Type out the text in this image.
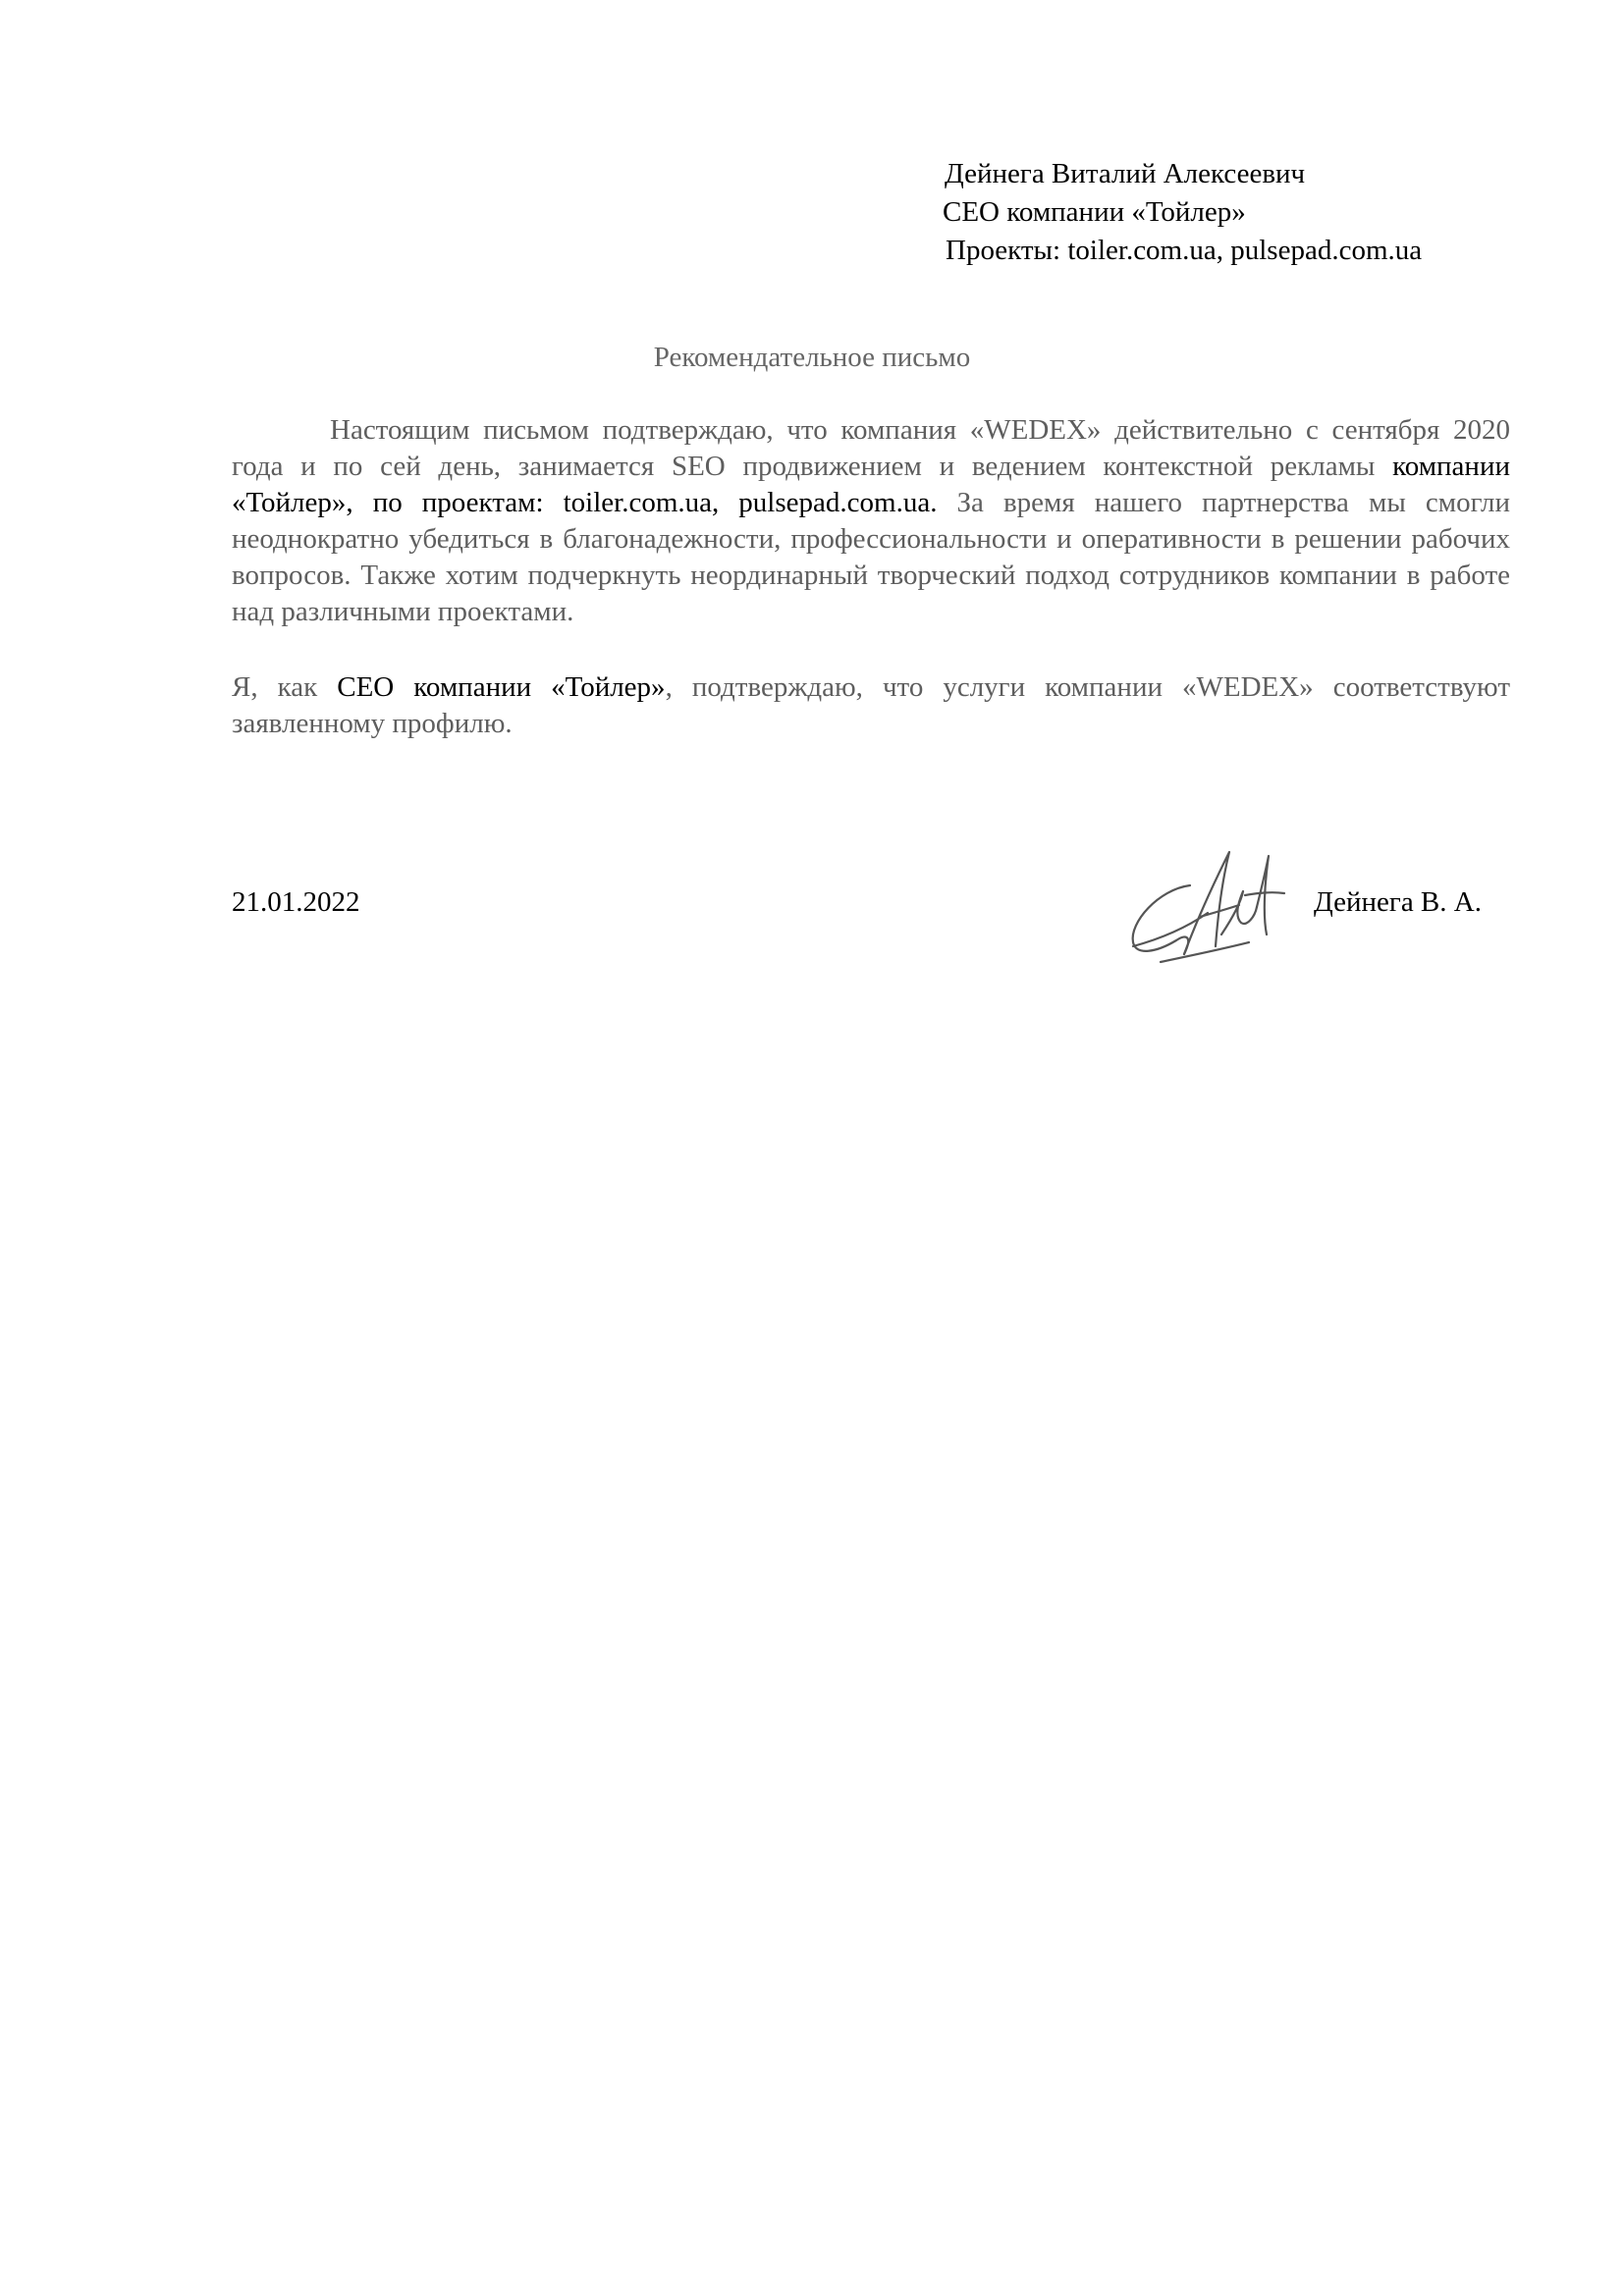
Дейнега Виталий Алексеевич
CEO компании «Тойлер»
Проекты: toiler.com.ua, pulsepad.com.ua
Рекомендательное письмо
Настоящим письмом подтверждаю, что компания «WEDEX» действительно с сентября 2020 года и по сей день, занимается SEO продвижением и ведением контекстной рекламы компании «Тойлер», по проектам: toiler.com.ua, pulsepad.com.ua. За время нашего партнерства мы смогли неоднократно убедиться в благонадежности, профессиональности и оперативности в решении рабочих вопросов. Также хотим подчеркнуть неординарный творческий подход сотрудников компании в работе над различными проектами.
Я, как CEO компании «Тойлер», подтверждаю, что услуги компании «WEDEX» соответствуют заявленному профилю.
21.01.2022	Дейнега В. А.
